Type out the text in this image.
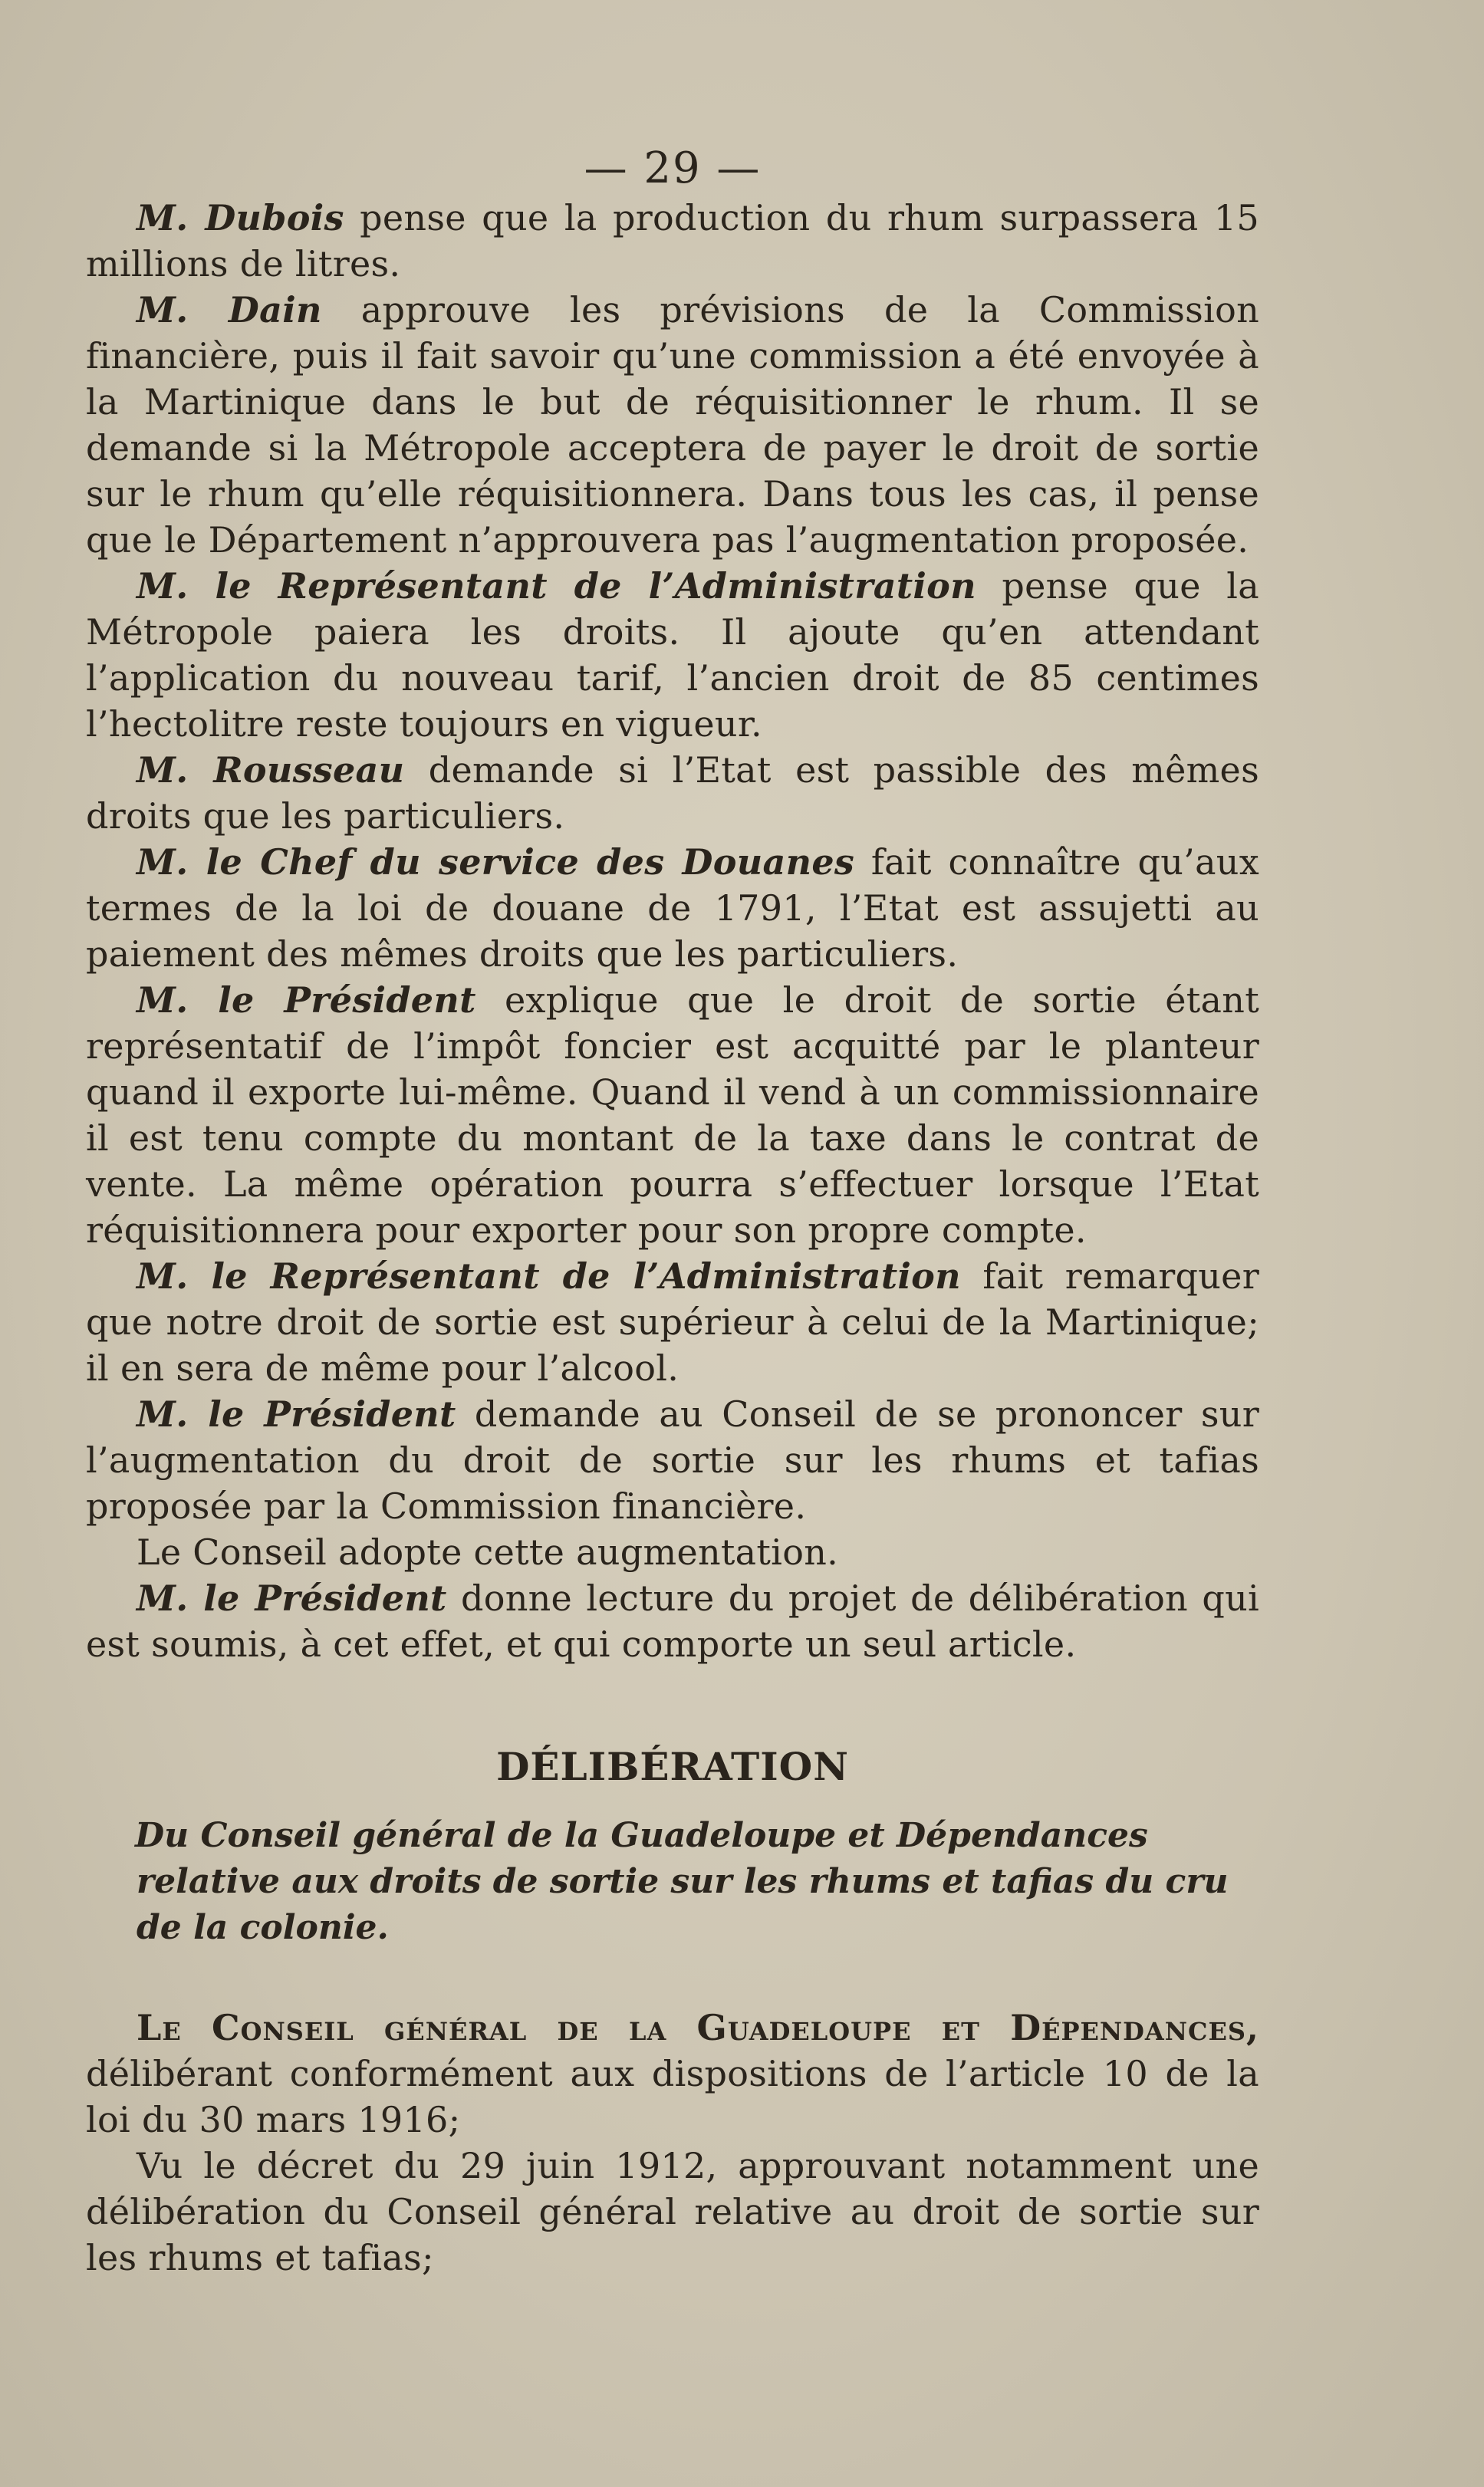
— 29 —

M. Dubois pense que la production du rhum surpassera 15 millions de litres.

M. Dain approuve les prévisions de la Commission financière, puis il fait savoir qu’une commission a été envoyée à la Martinique dans le but de réquisitionner le rhum. Il se demande si la Métropole acceptera de payer le droit de sortie sur le rhum qu’elle réquisitionnera. Dans tous les cas, il pense que le Département n’approuvera pas l’augmentation proposée.

M. le Représentant de l’Administration pense que la Métropole paiera les droits. Il ajoute qu’en attendant l’application du nouveau tarif, l’ancien droit de 85 centimes l’hectolitre reste toujours en vigueur.

M. Rousseau demande si l’Etat est passible des mêmes droits que les particuliers.

M. le Chef du service des Douanes fait connaître qu’aux termes de la loi de douane de 1791, l’Etat est assujetti au paiement des mêmes droits que les particuliers.

M. le Président explique que le droit de sortie étant représentatif de l’impôt foncier est acquitté par le planteur quand il exporte lui-même. Quand il vend à un commissionnaire il est tenu compte du montant de la taxe dans le contrat de vente. La même opération pourra s’effectuer lorsque l’Etat réquisitionnera pour exporter pour son propre compte.

M. le Représentant de l’Administration fait remarquer que notre droit de sortie est supérieur à celui de la Martinique; il en sera de même pour l’alcool.

M. le Président demande au Conseil de se prononcer sur l’augmentation du droit de sortie sur les rhums et tafias proposée par la Commission financière.

Le Conseil adopte cette augmentation.

M. le Président donne lecture du projet de délibération qui est soumis, à cet effet, et qui comporte un seul article.

DÉLIBÉRATION
Du Conseil général de la Guadeloupe et Dépendances relative aux droits de sortie sur les rhums et tafias du cru de la colonie.

Le Conseil général de la Guadeloupe et Dépendances, délibérant conformément aux dispositions de l’article 10 de la loi du 30 mars 1916;

Vu le décret du 29 juin 1912, approuvant notamment une délibération du Conseil général relative au droit de sortie sur les rhums et tafias;
